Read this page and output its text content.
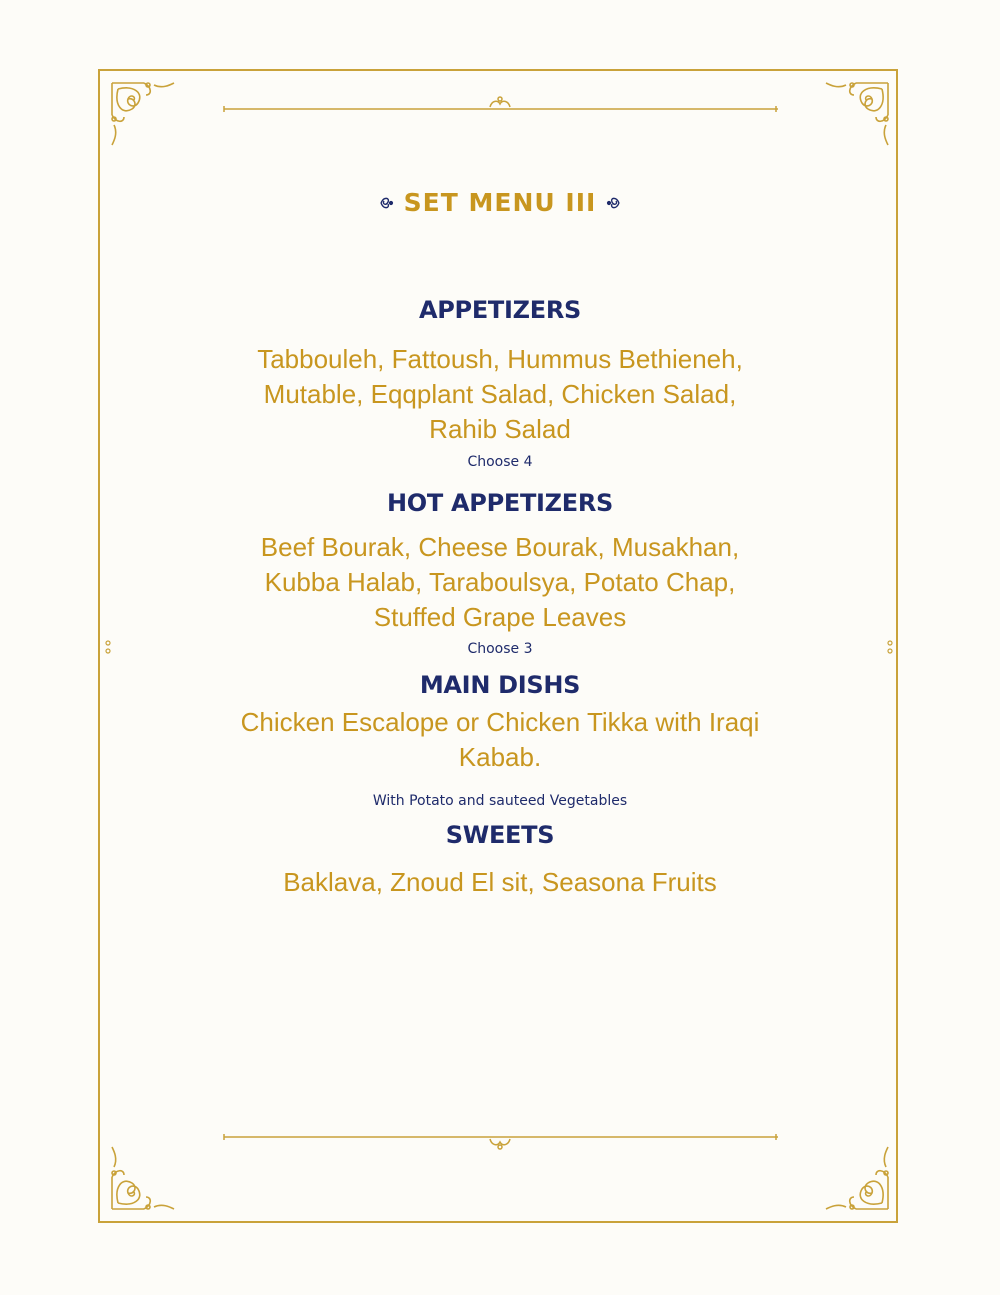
SET MENU III
APPETIZERS

Tabbouleh, Fattoush, Hummus Bethieneh,

Mutable, Eqqplant Salad, Chicken Salad,

Rahib Salad

Choose 4

HOT APPETIZERS

Beef Bourak, Cheese Bourak, Musakhan,

Kubba Halab, Taraboulsya, Potato Chap,

Stuffed Grape Leaves

Choose 3

MAIN DISHS

Chicken Escalope or Chicken Tikka with Iraqi

Kabab.

With Potato and sauteed Vegetables

SWEETS

Baklava, Znoud El sit, Seasona Fruits
